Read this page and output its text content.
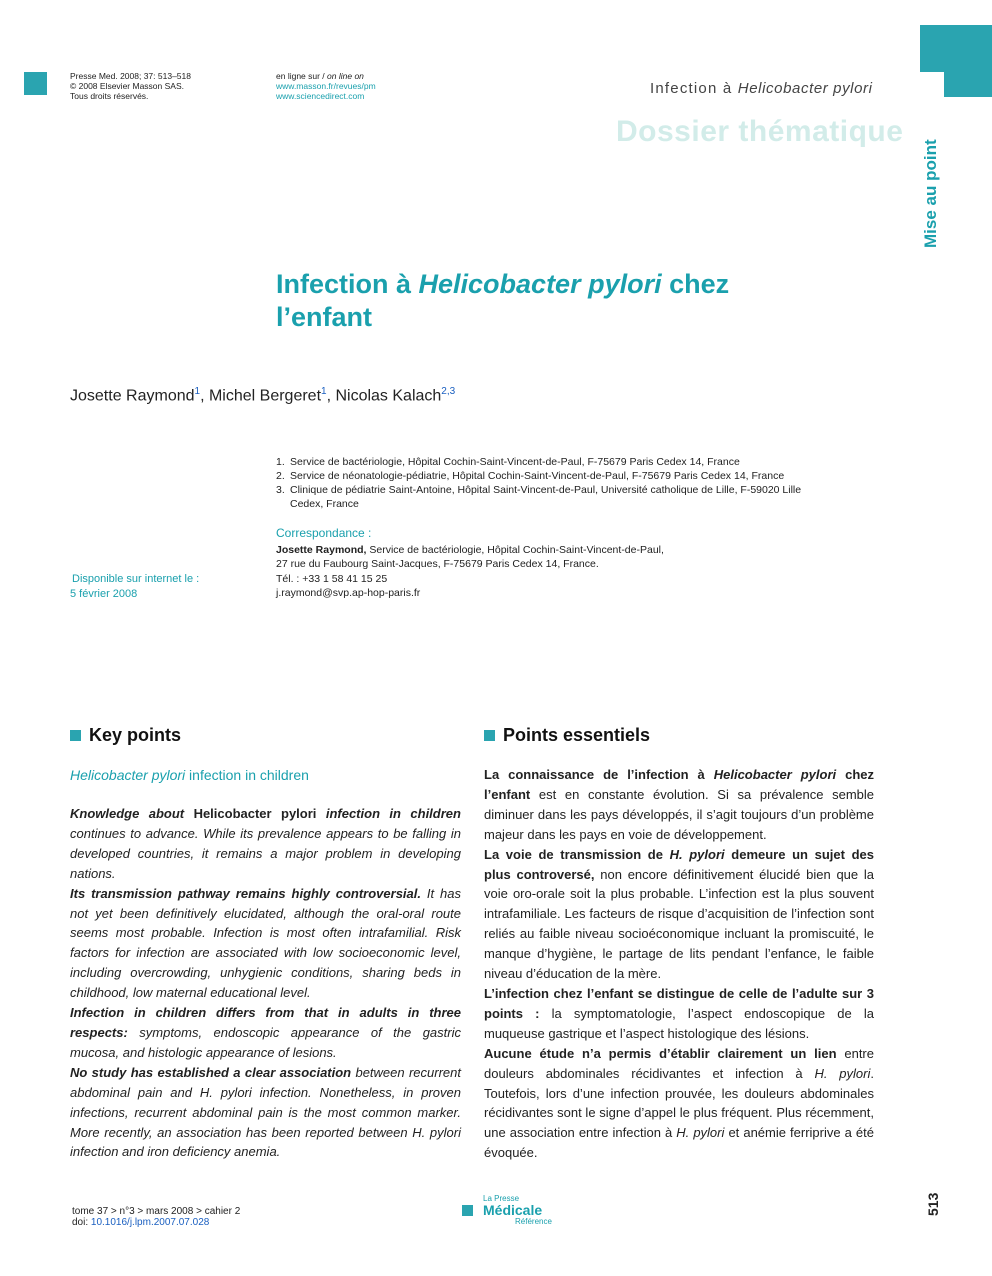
Presse Med. 2008; 37: 513–518
© 2008 Elsevier Masson SAS.
Tous droits réservés.
en ligne sur / on line on
www.masson.fr/revues/pm
www.sciencedirect.com	Infection à Helicobacter pylori
Dossier thématique
Mise au point
Infection à Helicobacter pylori chez
l’enfant
Josette Raymond$^1$, Michel Bergeret$^1$, Nicolas Kalach$^{2,3}$
1. Service de bactériologie, Hôpital Cochin-Saint-Vincent-de-Paul, F-75679 Paris Cedex 14, France
2. Service de néonatologie-pédiatrie, Hôpital Cochin-Saint-Vincent-de-Paul, F-75679 Paris Cedex 14, France
3. Clinique de pédiatrie Saint-Antoine, Hôpital Saint-Vincent-de-Paul, Université catholique de Lille, F-59020 Lille Cedex, France
Correspondance :
Josette Raymond, Service de bactériologie, Hôpital Cochin-Saint-Vincent-de-Paul,
27 rue du Faubourg Saint-Jacques, F-75679 Paris Cedex 14, France.
Tél. : +33 1 58 41 15 25
j.raymond@svp.ap-hop-paris.fr
Disponible sur internet le :
5 février 2008
Key points
Helicobacter pylori infection in children

Knowledge about Helicobacter pylori infection in children continues to advance. While its prevalence appears to be falling in developed countries, it remains a major problem in developing nations.

Its transmission pathway remains highly controversial. It has not yet been definitively elucidated, although the oral-oral route seems most probable. Infection is most often intrafamilial. Risk factors for infection are associated with low socioeconomic level, including overcrowding, unhygienic conditions, sharing beds in childhood, low maternal educational level.

Infection in children differs from that in adults in three respects: symptoms, endoscopic appearance of the gastric mucosa, and histologic appearance of lesions.

No study has established a clear association between recurrent abdominal pain and H. pylori infection. Nonetheless, in proven infections, recurrent abdominal pain is the most common marker. More recently, an association has been reported between H. pylori infection and iron deficiency anemia.

Points essentiels

La connaissance de l’infection à Helicobacter pylori chez l’enfant est en constante évolution. Si sa prévalence semble diminuer dans les pays développés, il s’agit toujours d’un problème majeur dans les pays en voie de développement.

La voie de transmission de H. pylori demeure un sujet des plus controversé, non encore définitivement élucidé bien que la voie oro-orale soit la plus probable. L’infection est la plus souvent intrafamiliale. Les facteurs de risque d’acquisition de l’infection sont reliés au faible niveau socioéconomique incluant la promiscuité, le manque d’hygiène, le partage de lits pendant l’enfance, le faible niveau d’éducation de la mère.

L’infection chez l’enfant se distingue de celle de l’adulte sur 3 points : la symptomatologie, l’aspect endoscopique de la muqueuse gastrique et l’aspect histologique des lésions.

Aucune étude n’a permis d’établir clairement un lien entre douleurs abdominales récidivantes et infection à H. pylori. Toutefois, lors d’une infection prouvée, les douleurs abdominales récidivantes sont le signe d’appel le plus fréquent. Plus récemment, une association entre infection à H. pylori et anémie ferriprive a été évoquée.

tome 37 > n°3 > mars 2008 > cahier 2
doi: 10.1016/j.lpm.2007.07.028
La Presse
Médicale
Référence
513
